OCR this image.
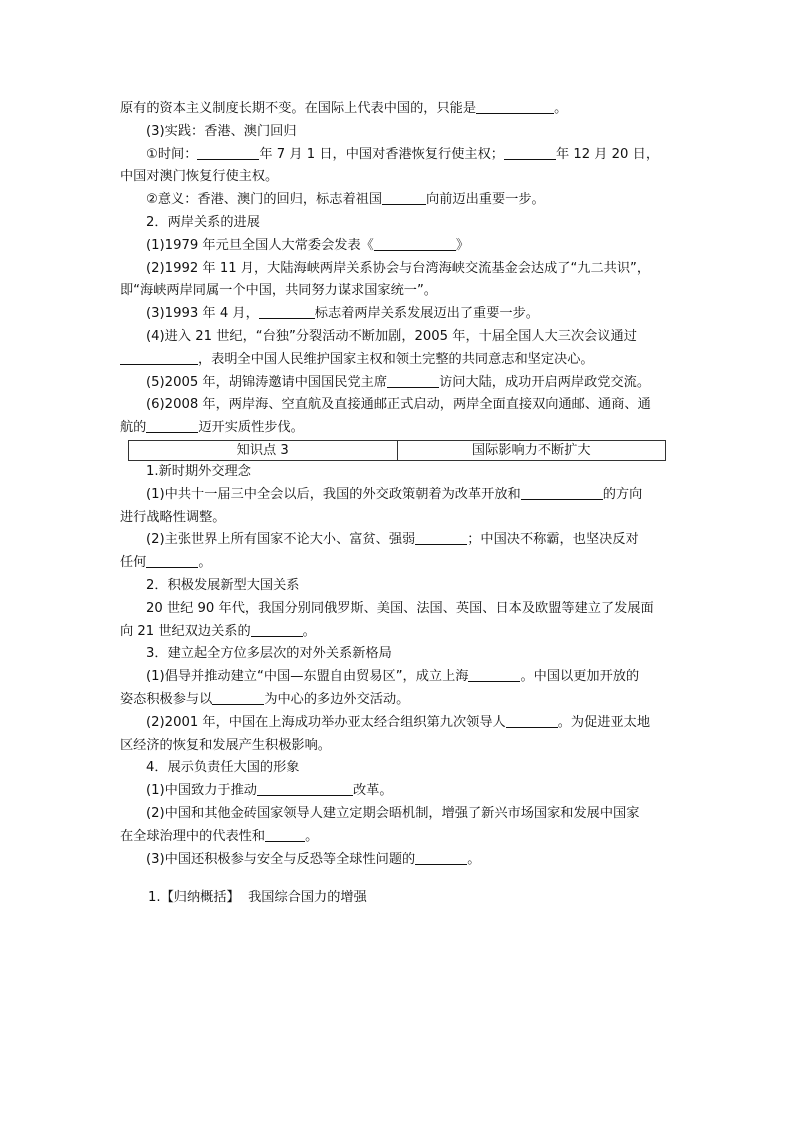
原有的资本主义制度长期不变。在国际上代表中国的，只能是	。
(3)实践：香港、澳门回归
①时间：	年 7 月 1 日，中国对香港恢复行使主权；	年 12 月 20 日，
中国对澳门恢复行使主权。
②意义：香港、澳门的回归，标志着祖国	向前迈出重要一步。
2．两岸关系的进展
(1)1979 年元旦全国人大常委会发表《	》
(2)1992 年 11 月，大陆海峡两岸关系协会与台湾海峡交流基金会达成了“九二共识”，
即“海峡两岸同属一个中国，共同努力谋求国家统一”。
(3)1993 年 4 月，	标志着两岸关系发展迈出了重要一步。
(4)进入 21 世纪，“台独”分裂活动不断加剧，2005 年，十届全国人大三次会议通过
，表明全中国人民维护国家主权和领土完整的共同意志和坚定决心。
(5)2005 年，胡锦涛邀请中国国民党主席	访问大陆，成功开启两岸政党交流。
(6)2008 年，两岸海、空直航及直接通邮正式启动，两岸全面直接双向通邮、通商、通
航的	迈开实质性步伐。
知识点 3	国际影响力不断扩大
1.新时期外交理念
(1)中共十一届三中全会以后，我国的外交政策朝着为改革开放和	的方向
进行战略性调整。
(2)主张世界上所有国家不论大小、富贫、强弱	；中国决不称霸，也坚决反对
任何	。
2．积极发展新型大国关系
20 世纪 90 年代，我国分别同俄罗斯、美国、法国、英国、日本及欧盟等建立了发展面
向 21 世纪双边关系的	。
3．建立起全方位多层次的对外关系新格局
(1)倡导并推动建立“中国—东盟自由贸易区”，成立上海	。中国以更加开放的
姿态积极参与以	为中心的多边外交活动。
(2)2001 年，中国在上海成功举办亚太经合组织第九次领导人	。为促进亚太地
区经济的恢复和发展产生积极影响。
4．展示负责任大国的形象
(1)中国致力于推动	改革。
(2)中国和其他金砖国家领导人建立定期会晤机制，增强了新兴市场国家和发展中国家
在全球治理中的代表性和	。
(3)中国还积极参与安全与反恐等全球性问题的	。
1.【归纳概括】 我国综合国力的增强
